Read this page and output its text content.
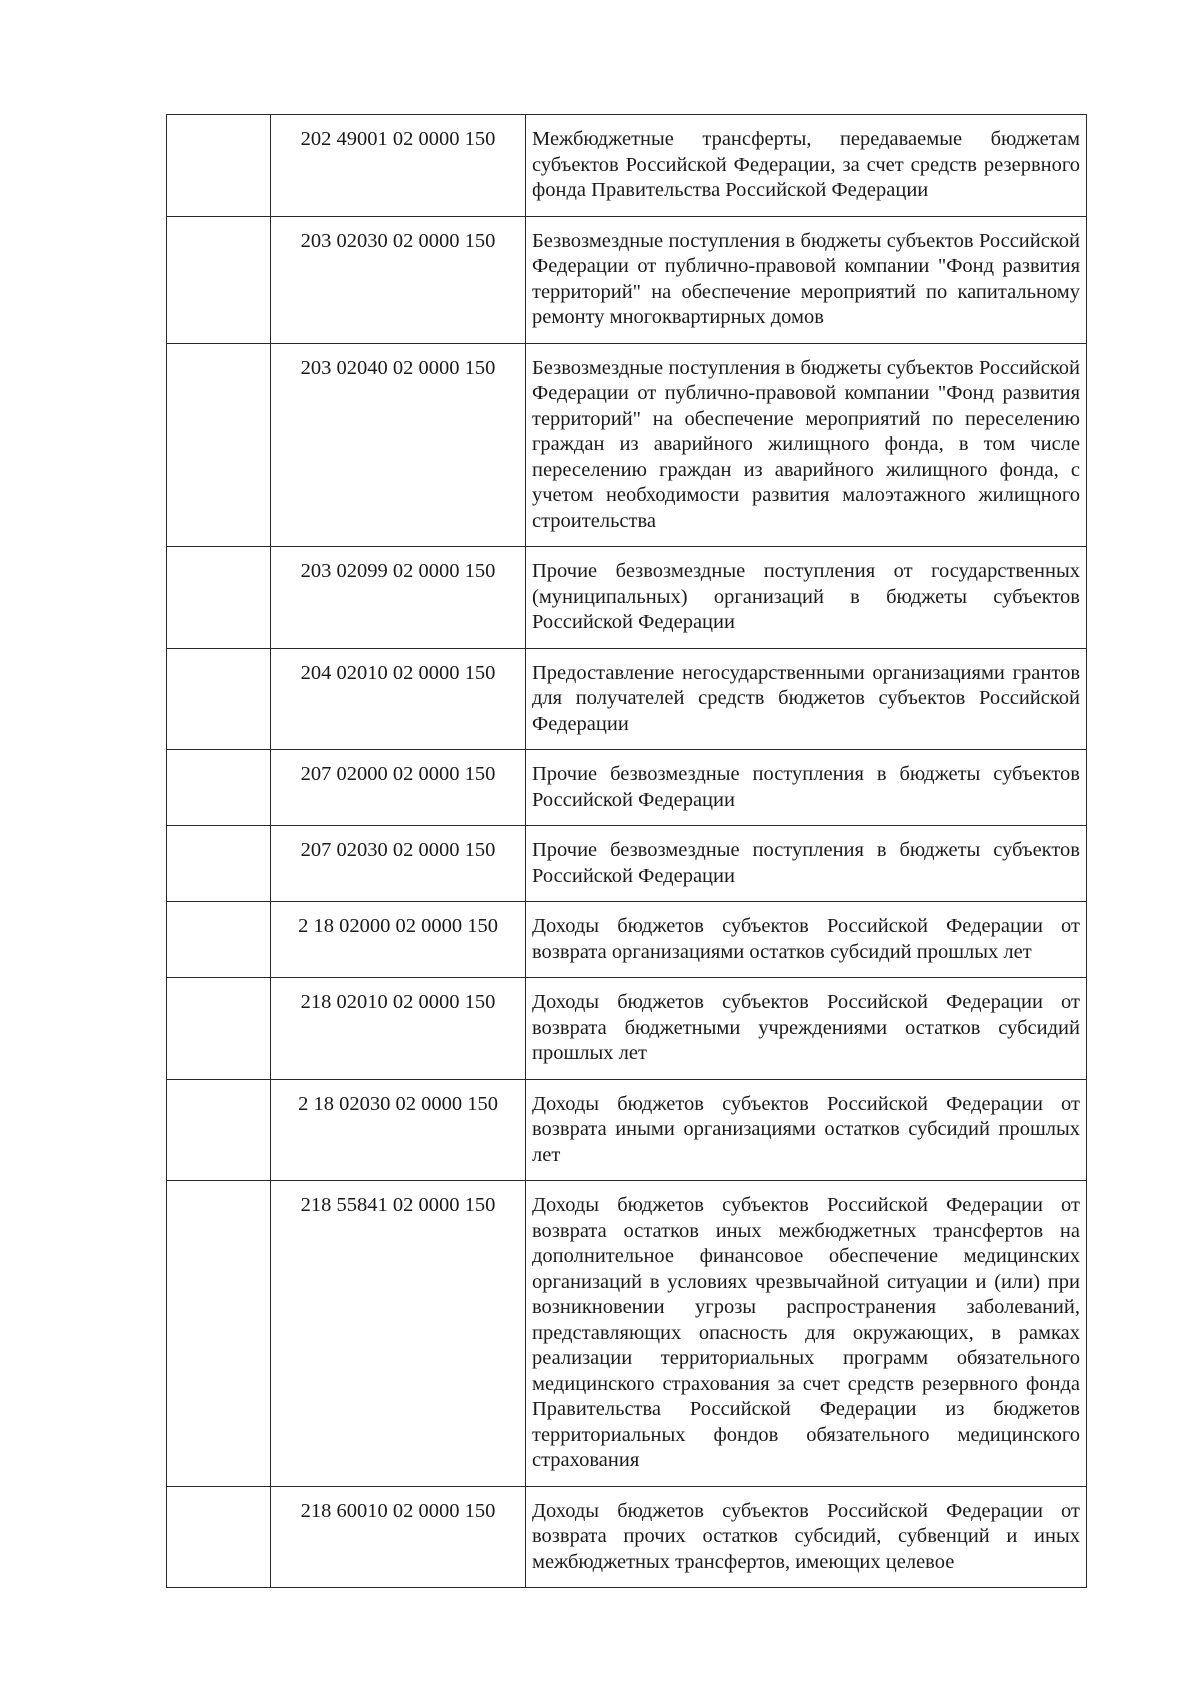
	202 49001 02 0000 150	Межбюджетные трансферты, передаваемые бюджетам субъектов Российской Федерации, за счет средств резервного фонда Правительства Российской Федерации
	203 02030 02 0000 150	Безвозмездные поступления в бюджеты субъектов Российской Федерации от публично-правовой компании "Фонд развития территорий" на обеспечение мероприятий по капитальному ремонту многоквартирных домов
	203 02040 02 0000 150	Безвозмездные поступления в бюджеты субъектов Российской Федерации от публично-правовой компании "Фонд развития территорий" на обеспечение мероприятий по переселению граждан из аварийного жилищного фонда, в том числе переселению граждан из аварийного жилищного фонда, с учетом необходимости развития малоэтажного жилищного строительства
	203 02099 02 0000 150	Прочие безвозмездные поступления от государственных (муниципальных) организаций в бюджеты субъектов Российской Федерации
	204 02010 02 0000 150	Предоставление негосударственными организациями грантов для получателей средств бюджетов субъектов Российской Федерации
	207 02000 02 0000 150	Прочие безвозмездные поступления в бюджеты субъектов Российской Федерации
	207 02030 02 0000 150	Прочие безвозмездные поступления в бюджеты субъектов Российской Федерации
	2 18 02000 02 0000 150	Доходы бюджетов субъектов Российской Федерации от возврата организациями остатков субсидий прошлых лет
	218 02010 02 0000 150	Доходы бюджетов субъектов Российской Федерации от возврата бюджетными учреждениями остатков субсидий прошлых лет
	2 18 02030 02 0000 150	Доходы бюджетов субъектов Российской Федерации от возврата иными организациями остатков субсидий прошлых лет
	218 55841 02 0000 150	Доходы бюджетов субъектов Российской Федерации от возврата остатков иных межбюджетных трансфертов на дополнительное финансовое обеспечение медицинских организаций в условиях чрезвычайной ситуации и (или) при возникновении угрозы распространения заболеваний, представляющих опасность для окружающих, в рамках реализации территориальных программ обязательного медицинского страхования за счет средств резервного фонда Правительства Российской Федерации из бюджетов территориальных фондов обязательного медицинского страхования
	218 60010 02 0000 150	Доходы бюджетов субъектов Российской Федерации от возврата прочих остатков субсидий, субвенций и иных межбюджетных трансфертов, имеющих целевое
